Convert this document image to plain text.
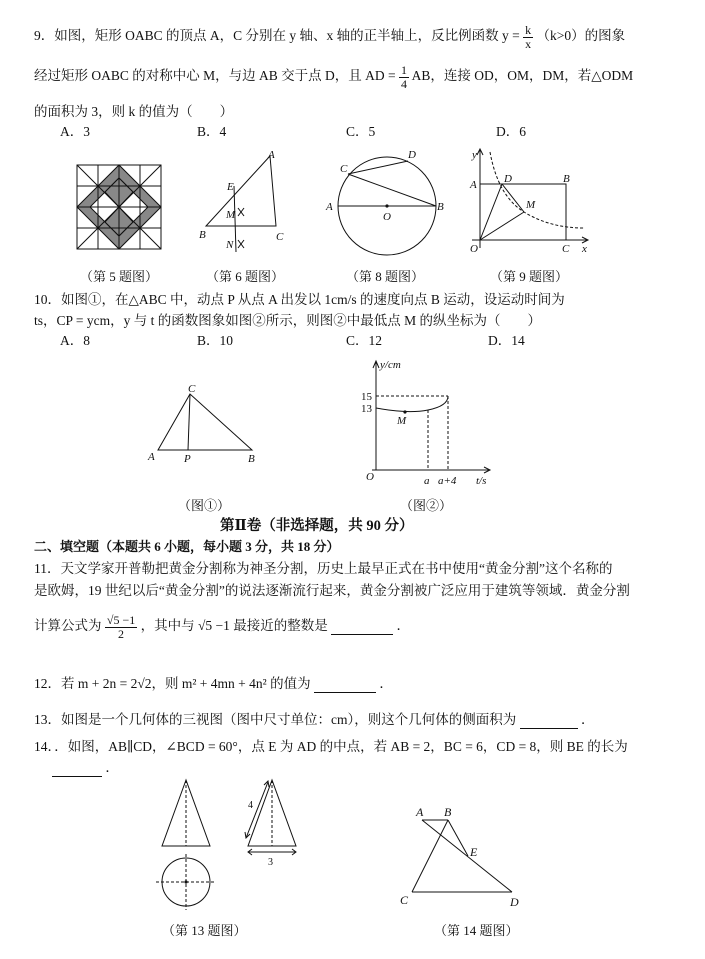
9．如图，矩形 OABC 的顶点 A，C 分别在 y 轴、x 轴的正半轴上，反比例函数 $y = \frac{k}{x} (k>0)$的图象
经过矩形 OABC 的对称中心 M，与边 AB 交于点 D，且 AD = $\frac{1}{4}$ AB，连接 OD，OM，DM，若△ODM
的面积为 3，则 k 的值为（　　）
A．3	B．4	C．5	D．6
A
E
M
B	C
N
C
D
A
O
B
y
A D	B
M
O	C x
（第 5 题图）	（第 6 题图）	（第 8 题图）	（第 9 题图）
10．如图①，在△ABC 中，动点 P 从点 A 出发以 1cm/s 的速度向点 B 运动，设运动时间为
ts，CP = ycm，y 与 t 的函数图象如图②所示，则图②中最低点 M 的纵坐标为（　　）
A．8	B．10	C．12	D．14
C
A	P	B
y/cm
15
13
M
O	a a+4 t/s
（图①）	（图②）
第Ⅱ卷（非选择题，共 90 分）
二、填空题（本题共 6 小题，每小题 3 分，共 18 分）
11．天文学家开普勒把黄金分割称为神圣分割，历史上最早正式在书中使用“黄金分割”这个名称的
是欧姆，19 世纪以后“黄金分割”的说法逐渐流行起来，黄金分割被广泛应用于建筑等领域．黄金分割
计算公式为 $\frac{√5 -1}{2}$ ，其中与 √5 −1 最接近的整数是	．
12．若 m + 2n = 2√2，则 m² + 4mn + 4n² 的值为	．
13．如图是一个几何体的三视图（图中尺寸单位：cm），则这个几何体的侧面积为	．
14．．如图，AB∥CD，∠BCD = 60°，点 E 为 AD 的中点，若 AB = 2，BC = 6，CD = 8，则 BE 的长为
．
4
3
A B
E
C	D
（第 13 题图）	（第 14 题图）
